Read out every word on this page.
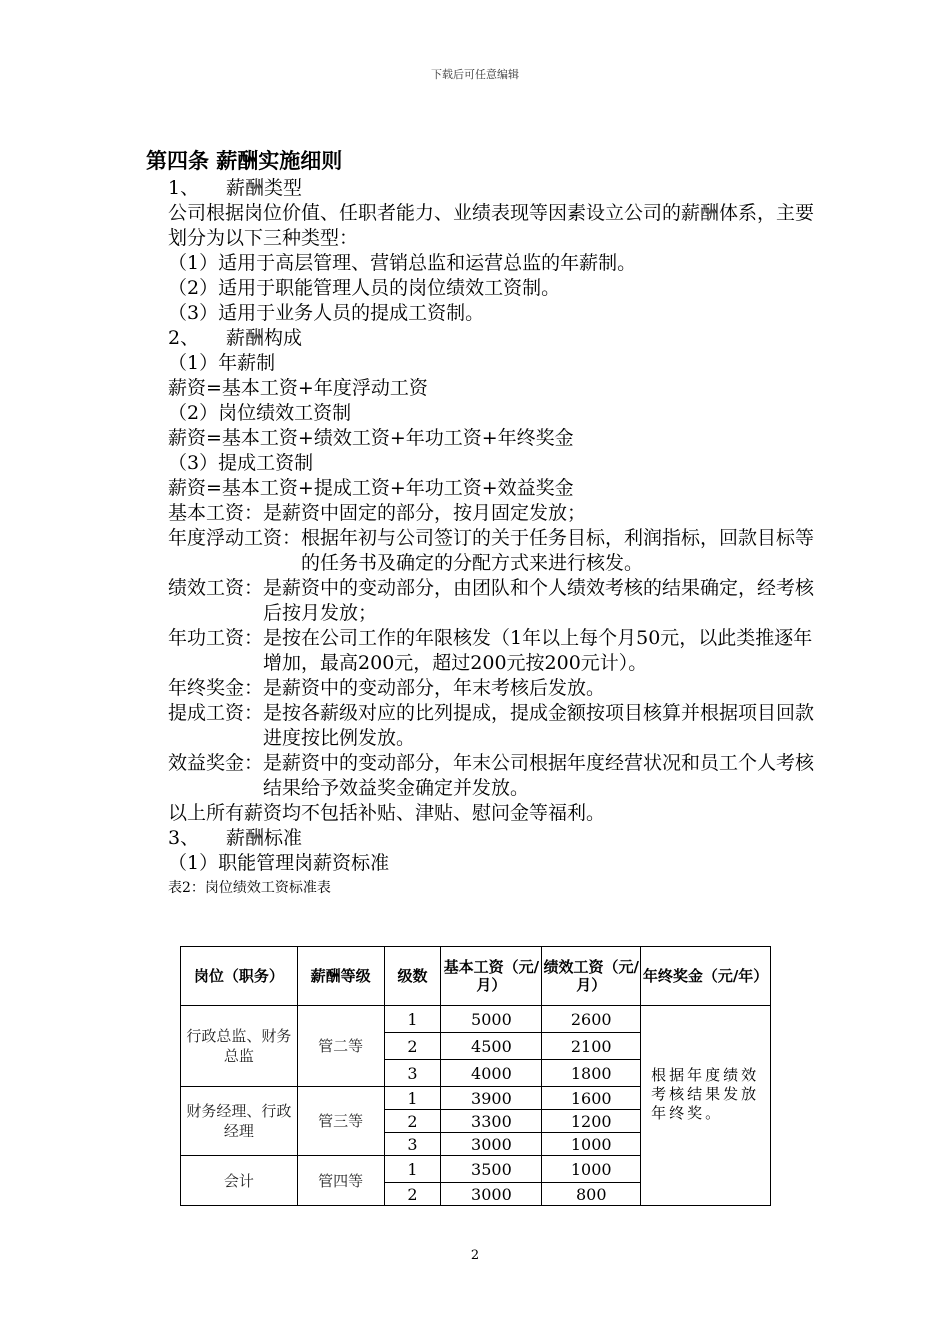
下载后可任意编辑
第四条 薪酬实施细则
1、 薪酬类型
公司根据岗位价值、任职者能力、业绩表现等因素设立公司的薪酬体系，主要划分为以下三种类型：
（1）适用于高层管理、营销总监和运营总监的年薪制。
（2）适用于职能管理人员的岗位绩效工资制。
（3）适用于业务人员的提成工资制。
2、 薪酬构成
（1）年薪制
薪资=基本工资+年度浮动工资
（2）岗位绩效工资制
薪资=基本工资+绩效工资+年功工资+年终奖金
（3）提成工资制
薪资=基本工资+提成工资+年功工资+效益奖金
基本工资： 是薪资中固定的部分，按月固定发放；
年度浮动工资： 根据年初与公司签订的关于任务目标，利润指标，回款目标等的任务书及确定的分配方式来进行核发。
绩效工资： 是薪资中的变动部分，由团队和个人绩效考核的结果确定，经考核后按月发放；
年功工资： 是按在公司工作的年限核发（1年以上每个月50元，以此类推逐年增加，最高200元，超过200元按200元计）。
年终奖金： 是薪资中的变动部分，年末考核后发放。
提成工资： 是按各薪级对应的比列提成，提成金额按项目核算并根据项目回款进度按比例发放。
效益奖金： 是薪资中的变动部分，年末公司根据年度经营状况和员工个人考核结果给予效益奖金确定并发放。
以上所有薪资均不包括补贴、津贴、慰问金等福利。
3、 薪酬标准
（1）职能管理岗薪资标准
表2：岗位绩效工资标准表
岗位（职务）	薪酬等级	级数	基本工资（元/月）	绩效工资（元/月）	年终奖金（元/年）
行政总监、财务总监	管二等	1	5000	2600	根据年度绩效考核结果发放年终奖。
		2	4500	2100	
		3	4000	1800	
财务经理、行政经理	管三等	1	3900	1600	
		2	3300	1200	
		3	3000	1000	
会计	管四等	1	3500	1000	
		2	3000	800	
2
